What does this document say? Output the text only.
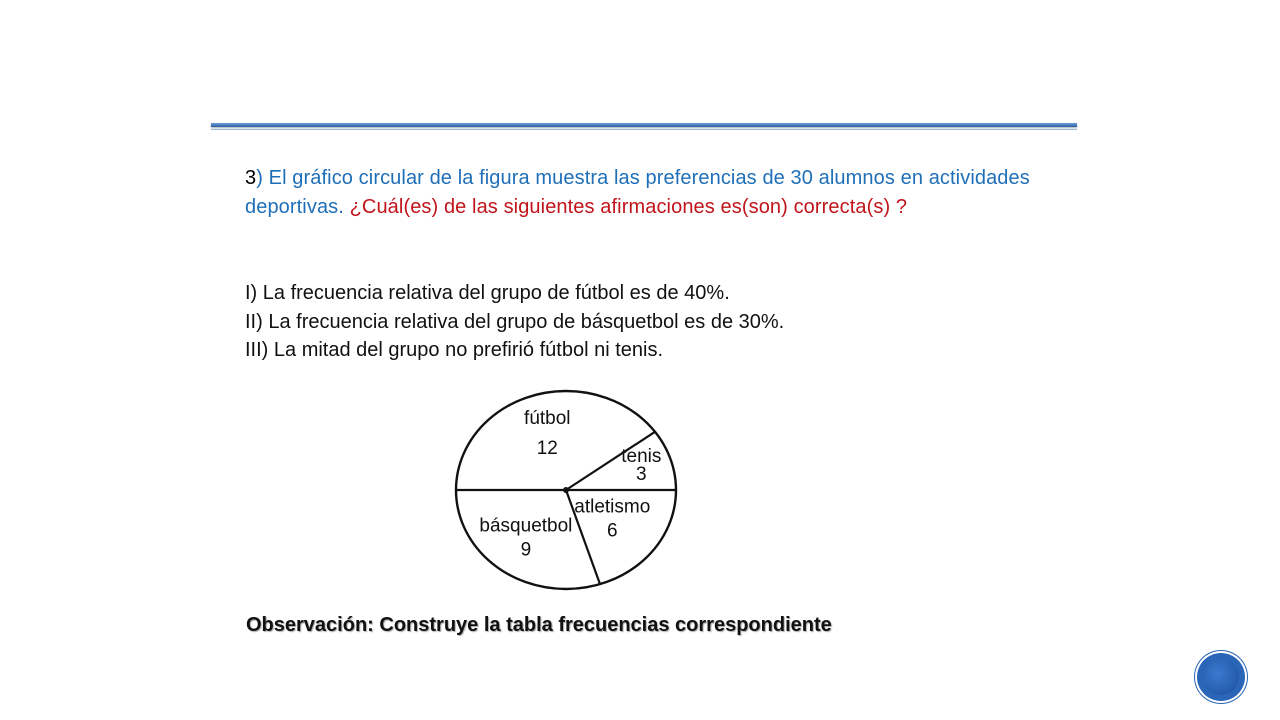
3) El gráfico circular de la figura muestra las preferencias de 30 alumnos en actividades deportivas. ¿Cuál(es) de las siguientes afirmaciones es(son) correcta(s) ?
I) La frecuencia relativa del grupo de fútbol es de 40%.
II) La frecuencia relativa del grupo de básquetbol es de 30%.
III) La mitad del grupo no prefirió fútbol ni tenis.
fútbol
12	tenis
3
atletismo
6
básquetbol
9
Observación: Construye la tabla frecuencias correspondiente
